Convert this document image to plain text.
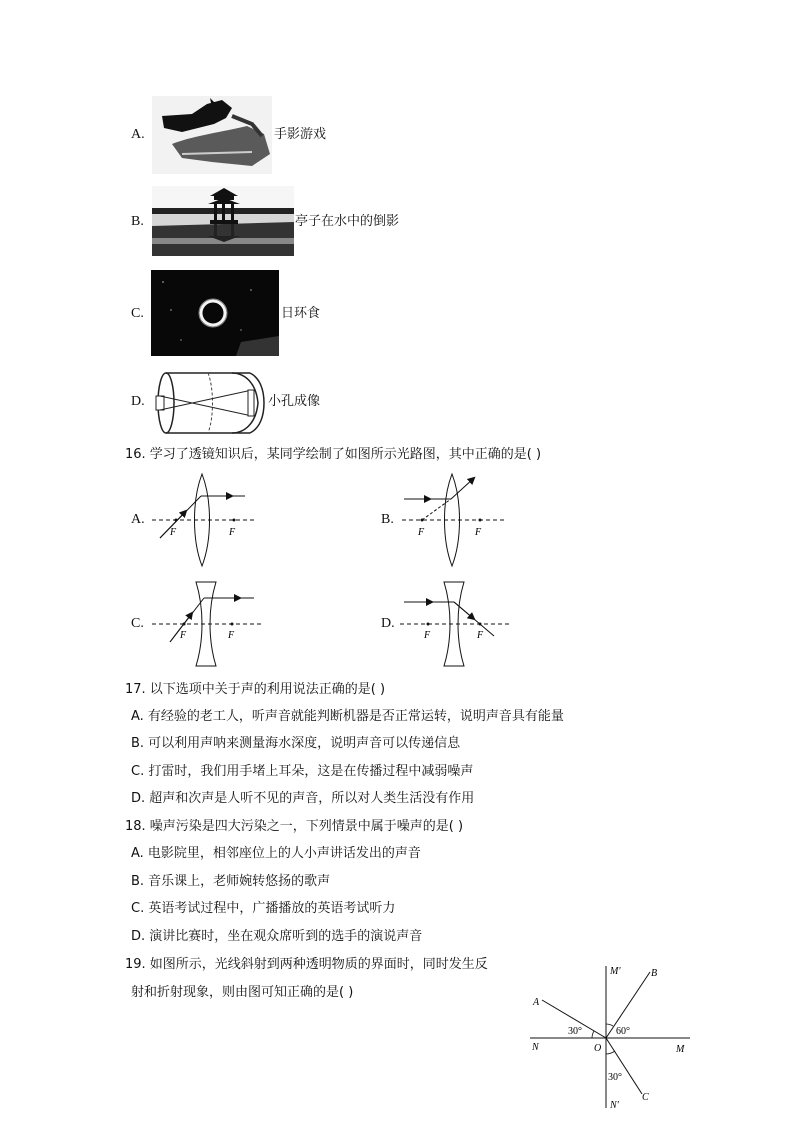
A.	手影游戏
B.	亭子在水中的倒影
C.	日环食
D.	小孔成像
16. 学习了透镜知识后，某同学绘制了如图所示光路图，其中正确的是( )
A.
F	F
B.
F	F
C.
F	F
D.
F	F
17. 以下选项中关于声的利用说法正确的是( )
A. 有经验的老工人，听声音就能判断机器是否正常运转，说明声音具有能量
B. 可以利用声呐来测量海水深度，说明声音可以传递信息
C. 打雷时，我们用手堵上耳朵，这是在传播过程中减弱噪声
D. 超声和次声是人听不见的声音，所以对人类生活没有作用
18. 噪声污染是四大污染之一，下列情景中属于噪声的是( )
A. 电影院里，相邻座位上的人小声讲话发出的声音
B. 音乐课上，老师婉转悠扬的歌声
C. 英语考试过程中，广播播放的英语考试听力
D. 演讲比赛时，坐在观众席听到的选手的演说声音
19. 如图所示，光线斜射到两种透明物质的界面时，同时发生反
射和折射现象，则由图可知正确的是( )
M'	B
A
30°	60°
N	O	M
30°
C
N'
